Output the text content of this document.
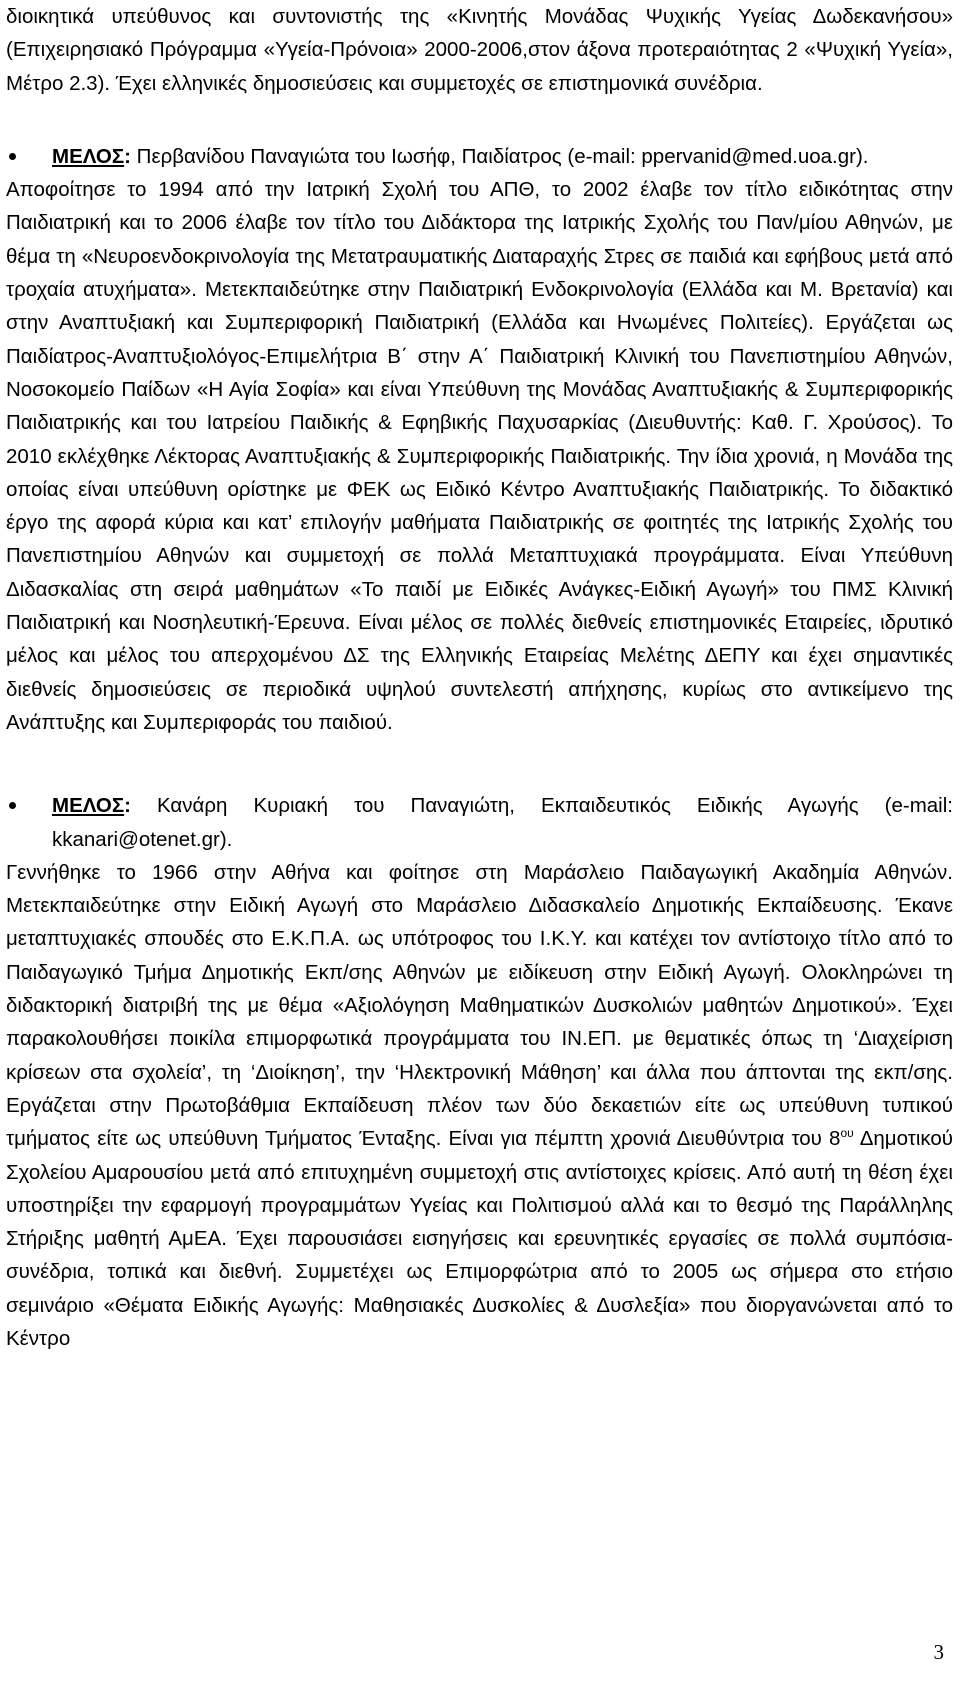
διοικητικά υπεύθυνος και συντονιστής της «Κινητής Μονάδας Ψυχικής Υγείας Δωδεκανήσου» (Επιχειρησιακό Πρόγραμμα «Υγεία-Πρόνοια» 2000-2006,στον άξονα προτεραιότητας 2 «Ψυχική Υγεία», Μέτρο 2.3). Έχει ελληνικές δημοσιεύσεις και συμμετοχές σε επιστημονικά συνέδρια.

ΜΕΛΟΣ: Περβανίδου Παναγιώτα του Ιωσήφ, Παιδίατρος (e-mail: ppervanid@med.uoa.gr).

Αποφοίτησε το 1994 από την Ιατρική Σχολή του ΑΠΘ, το 2002 έλαβε τον τίτλο ειδικότητας στην Παιδιατρική και το 2006 έλαβε τον τίτλο του Διδάκτορα της Ιατρικής Σχολής του Παν/μίου Αθηνών, με θέμα τη «Νευροενδοκρινολογία της Μετατραυματικής Διαταραχής Στρες σε παιδιά και εφήβους μετά από τροχαία ατυχήματα». Μετεκπαιδεύτηκε στην Παιδιατρική Ενδοκρινολογία (Ελλάδα και Μ. Βρετανία) και στην Αναπτυξιακή και Συμπεριφορική Παιδιατρική (Ελλάδα και Ηνωμένες Πολιτείες). Εργάζεται ως Παιδίατρος-Αναπτυξιολόγος-Επιμελήτρια Β΄ στην Α΄ Παιδιατρική Κλινική του Πανεπιστημίου Αθηνών, Νοσοκομείο Παίδων «Η Αγία Σοφία» και είναι Υπεύθυνη της Μονάδας Αναπτυξιακής & Συμπεριφορικής Παιδιατρικής και του Ιατρείου Παιδικής & Εφηβικής Παχυσαρκίας (Διευθυντής: Καθ. Γ. Χρούσος). Το 2010 εκλέχθηκε Λέκτορας Αναπτυξιακής & Συμπεριφορικής Παιδιατρικής. Την ίδια χρονιά, η Μονάδα της οποίας είναι υπεύθυνη ορίστηκε με ΦΕΚ ως Ειδικό Κέντρο Αναπτυξιακής Παιδιατρικής. Το διδακτικό έργο της αφορά κύρια και κατ’ επιλογήν μαθήματα Παιδιατρικής σε φοιτητές της Ιατρικής Σχολής του Πανεπιστημίου Αθηνών και συμμετοχή σε πολλά Μεταπτυχιακά προγράμματα. Είναι Υπεύθυνη Διδασκαλίας στη σειρά μαθημάτων «Το παιδί με Ειδικές Ανάγκες-Ειδική Αγωγή» του ΠΜΣ Κλινική Παιδιατρική και Νοσηλευτική-Έρευνα. Είναι μέλος σε πολλές διεθνείς επιστημονικές Εταιρείες, ιδρυτικό μέλος και μέλος του απερχομένου ΔΣ της Ελληνικής Εταιρείας Μελέτης ΔΕΠΥ και έχει σημαντικές διεθνείς δημοσιεύσεις σε περιοδικά υψηλού συντελεστή απήχησης, κυρίως στο αντικείμενο της Ανάπτυξης και Συμπεριφοράς του παιδιού.

ΜΕΛΟΣ: Κανάρη Κυριακή του Παναγιώτη, Εκπαιδευτικός Ειδικής Αγωγής (e-mail: kkanari@otenet.gr).

Γεννήθηκε το 1966 στην Αθήνα και φοίτησε στη Μαράσλειο Παιδαγωγική Ακαδημία Αθηνών. Μετεκπαιδεύτηκε στην Ειδική Αγωγή στο Μαράσλειο Διδασκαλείο Δημοτικής Εκπαίδευσης. Έκανε μεταπτυχιακές σπουδές στο Ε.Κ.Π.Α. ως υπότροφος του Ι.Κ.Υ. και κατέχει τον αντίστοιχο τίτλο από το Παιδαγωγικό Τμήμα Δημοτικής Εκπ/σης Αθηνών με ειδίκευση στην Ειδική Αγωγή. Ολοκληρώνει τη διδακτορική διατριβή της με θέμα «Αξιολόγηση Μαθηματικών Δυσκολιών μαθητών Δημοτικού». Έχει παρακολουθήσει ποικίλα επιμορφωτικά προγράμματα του ΙΝ.ΕΠ. με θεματικές όπως τη ‘Διαχείριση κρίσεων στα σχολεία’, τη ‘Διοίκηση’, την ‘Ηλεκτρονική Μάθηση’ και άλλα που άπτονται της εκπ/σης. Εργάζεται στην Πρωτοβάθμια Εκπαίδευση πλέον των δύο δεκαετιών είτε ως υπεύθυνη τυπικού τμήματος είτε ως υπεύθυνη Τμήματος Ένταξης. Είναι για πέμπτη χρονιά Διευθύντρια του $8^{o\upsilon}$ Δημοτικού Σχολείου Αμαρουσίου μετά από επιτυχημένη συμμετοχή στις αντίστοιχες κρίσεις. Από αυτή τη θέση έχει υποστηρίξει την εφαρμογή προγραμμάτων Υγείας και Πολιτισμού αλλά και το θεσμό της Παράλληλης Στήριξης μαθητή ΑμΕΑ. Έχει παρουσιάσει εισηγήσεις και ερευνητικές εργασίες σε πολλά συμπόσια- συνέδρια, τοπικά και διεθνή. Συμμετέχει ως Επιμορφώτρια από το 2005 ως σήμερα στο ετήσιο σεμινάριο «Θέματα Ειδικής Αγωγής: Μαθησιακές Δυσκολίες & Δυσλεξία» που διοργανώνεται από το Κέντρο

3
